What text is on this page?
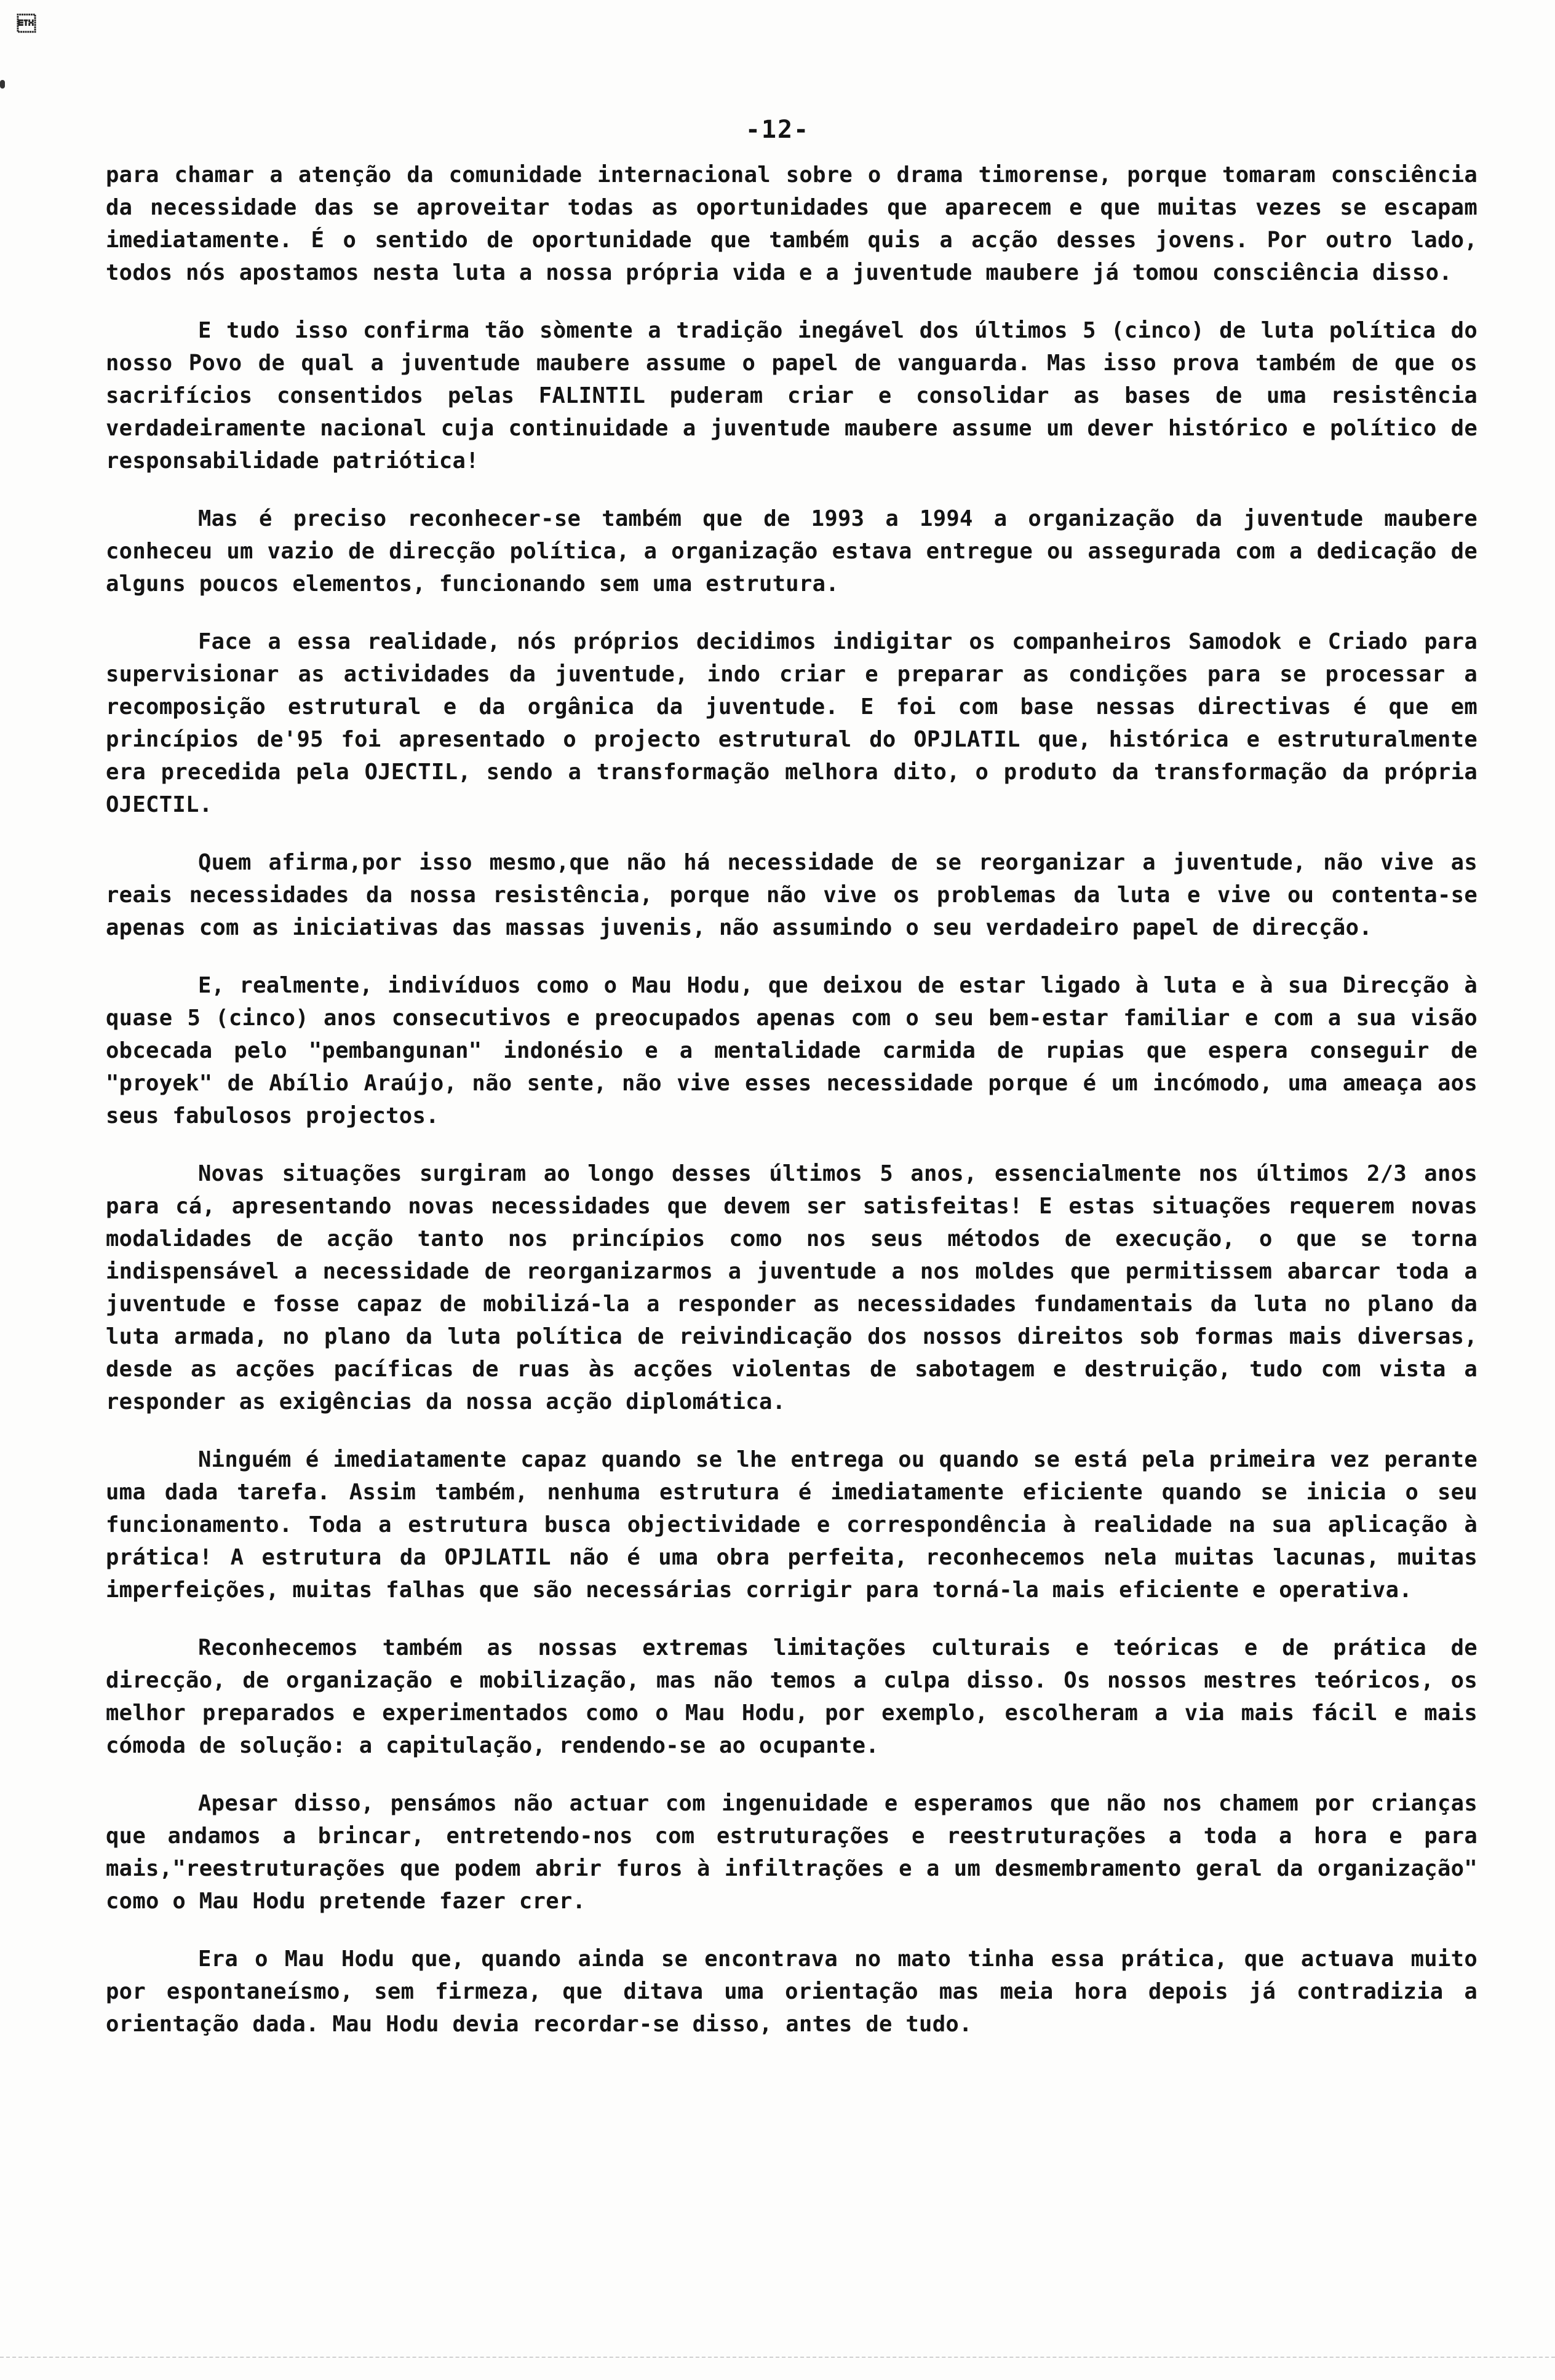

-12-

para chamar a atenção da comunidade internacional sobre o drama timorense, porque tomaram consciência da necessidade das se aproveitar todas as oportunidades que aparecem e que muitas vezes se escapam imediatamente. É o sentido de oportunidade que também quis a acção desses jovens. Por outro lado, todos nós apostamos nesta luta a nossa própria vida e a juventude maubere já tomou consciência disso.

E tudo isso confirma tão sòmente a tradição inegável dos últimos 5 (cinco) de luta política do nosso Povo de qual a juventude maubere assume o papel de vanguarda. Mas isso prova também de que os sacrifícios consentidos pelas FALINTIL puderam criar e consolidar as bases de uma resistência verdadeiramente nacional cuja continuidade a juventude maubere assume um dever histórico e político de responsabilidade patriótica!

Mas é preciso reconhecer-se também que de 1993 a 1994 a organização da juventude maubere conheceu um vazio de direcção política, a organização estava entregue ou assegurada com a dedicação de alguns poucos elementos, funcionando sem uma estrutura.

Face a essa realidade, nós próprios decidimos indigitar os companheiros Samodok e Criado para supervisionar as actividades da juventude, indo criar e preparar as condições para se processar a recomposição estrutural e da orgânica da juventude. E foi com base nessas directivas é que em princípios de'95 foi apresentado o projecto estrutural do OPJLATIL que, histórica e estruturalmente era precedida pela OJECTIL, sendo a transformação melhora dito, o produto da transformação da própria OJECTIL.

Quem afirma,por isso mesmo,que não há necessidade de se reorganizar a juventude, não vive as reais necessidades da nossa resistência, porque não vive os problemas da luta e vive ou contenta-se apenas com as iniciativas das massas juvenis, não assumindo o seu verdadeiro papel de direcção.

E, realmente, indivíduos como o Mau Hodu, que deixou de estar ligado à luta e à sua Direcção à quase 5 (cinco) anos consecutivos e preocupados apenas com o seu bem-estar familiar e com a sua visão obcecada pelo "pembangunan" indonésio e a mentalidade carmida de rupias que espera conseguir de "proyek" de Abílio Araújo, não sente, não vive esses necessidade porque é um incómodo, uma ameaça aos seus fabulosos projectos.

Novas situações surgiram ao longo desses últimos 5 anos, essencialmente nos últimos 2/3 anos para cá, apresentando novas necessidades que devem ser satisfeitas! E estas situações requerem novas modalidades de acção tanto nos princípios como nos seus métodos de execução, o que se torna indispensável a necessidade de reorganizarmos a juventude a nos moldes que permitissem abarcar toda a juventude e fosse capaz de mobilizá-la a responder as necessidades fundamentais da luta no plano da luta armada, no plano da luta política de reivindicação dos nossos direitos sob formas mais diversas, desde as acções pacíficas de ruas às acções violentas de sabotagem e destruição, tudo com vista a responder as exigências da nossa acção diplomática.

Ninguém é imediatamente capaz quando se lhe entrega ou quando se está pela primeira vez perante uma dada tarefa. Assim também, nenhuma estrutura é imediatamente eficiente quando se inicia o seu funcionamento. Toda a estrutura busca objectividade e correspondência à realidade na sua aplicação à prática! A estrutura da OPJLATIL não é uma obra perfeita, reconhecemos nela muitas lacunas, muitas imperfeições, muitas falhas que são necessárias corrigir para torná-la mais eficiente e operativa.

Reconhecemos também as nossas extremas limitações culturais e teóricas e de prática de direcção, de organização e mobilização, mas não temos a culpa disso. Os nossos mestres teóricos, os melhor preparados e experimentados como o Mau Hodu, por exemplo, escolheram a via mais fácil e mais cómoda de solução: a capitulação, rendendo-se ao ocupante.

Apesar disso, pensámos não actuar com ingenuidade e esperamos que não nos chamem por crianças que andamos a brincar, entretendo-nos com estruturações e reestruturações a toda a hora e para mais,"reestruturações que podem abrir furos à infiltrações e a um desmembramento geral da organização" como o Mau Hodu pretende fazer crer.

Era o Mau Hodu que, quando ainda se encontrava no mato tinha essa prática, que actuava muito por espontaneísmo, sem firmeza, que ditava uma orientação mas meia hora depois já contradizia a orientação dada. Mau Hodu devia recordar-se disso, antes de tudo.
